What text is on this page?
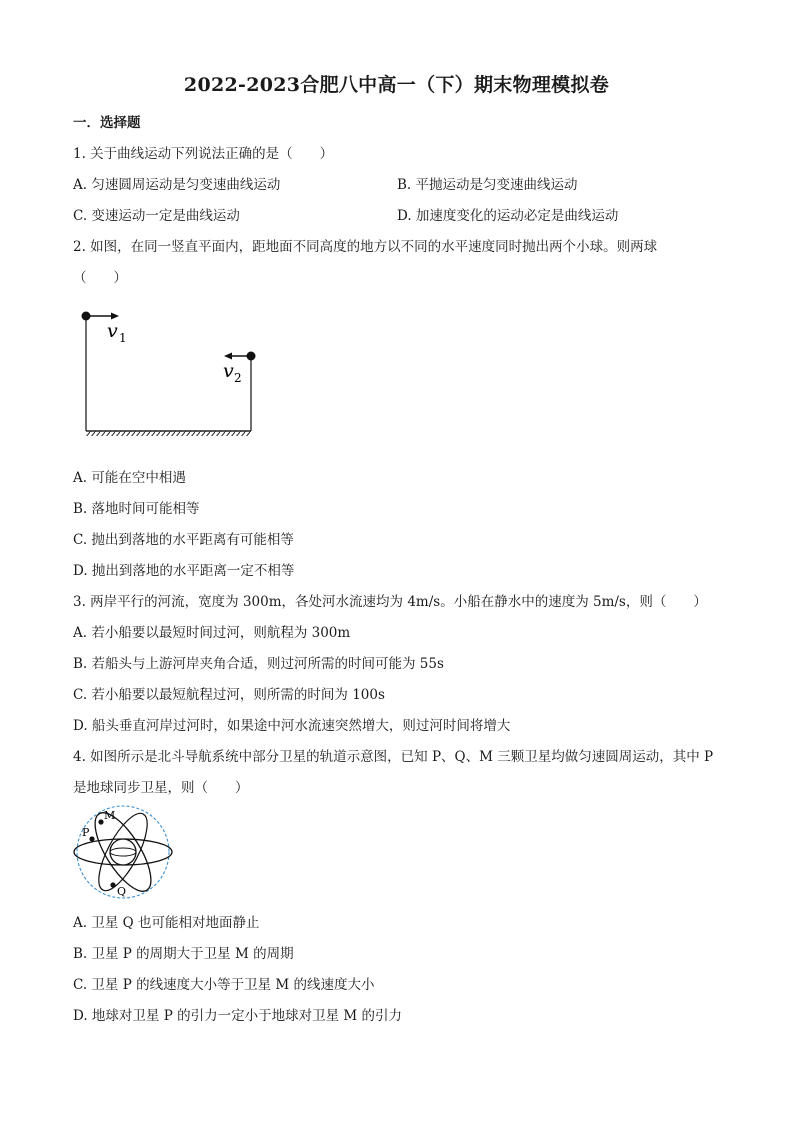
2022-2023合肥八中高一（下）期末物理模拟卷
一．选择题
1. 关于曲线运动下列说法正确的是（　　）
A. 匀速圆周运动是匀变速曲线运动	B. 平抛运动是匀变速曲线运动
C. 变速运动一定是曲线运动	D. 加速度变化的运动必定是曲线运动
2. 如图，在同一竖直平面内，距地面不同高度的地方以不同的水平速度同时抛出两个小球。则两球
（　　）
v 1
v 2
A. 可能在空中相遇
B. 落地时间可能相等
C. 抛出到落地的水平距离有可能相等
D. 抛出到落地的水平距离一定不相等
3. 两岸平行的河流，宽度为 300m，各处河水流速均为 4m/s。小船在静水中的速度为 5m/s，则（　　）
A. 若小船要以最短时间过河，则航程为 300m
B. 若船头与上游河岸夹角合适，则过河所需的时间可能为 55s
C. 若小船要以最短航程过河，则所需的时间为 100s
D. 船头垂直河岸过河时，如果途中河水流速突然增大，则过河时间将增大
4. 如图所示是北斗导航系统中部分卫星的轨道示意图，已知 P、Q、M 三颗卫星均做匀速圆周运动，其中 P
是地球同步卫星，则（　　）
M
P
Q
A. 卫星 Q 也可能相对地面静止
B. 卫星 P 的周期大于卫星 M 的周期
C. 卫星 P 的线速度大小等于卫星 M 的线速度大小
D. 地球对卫星 P 的引力一定小于地球对卫星 M 的引力
